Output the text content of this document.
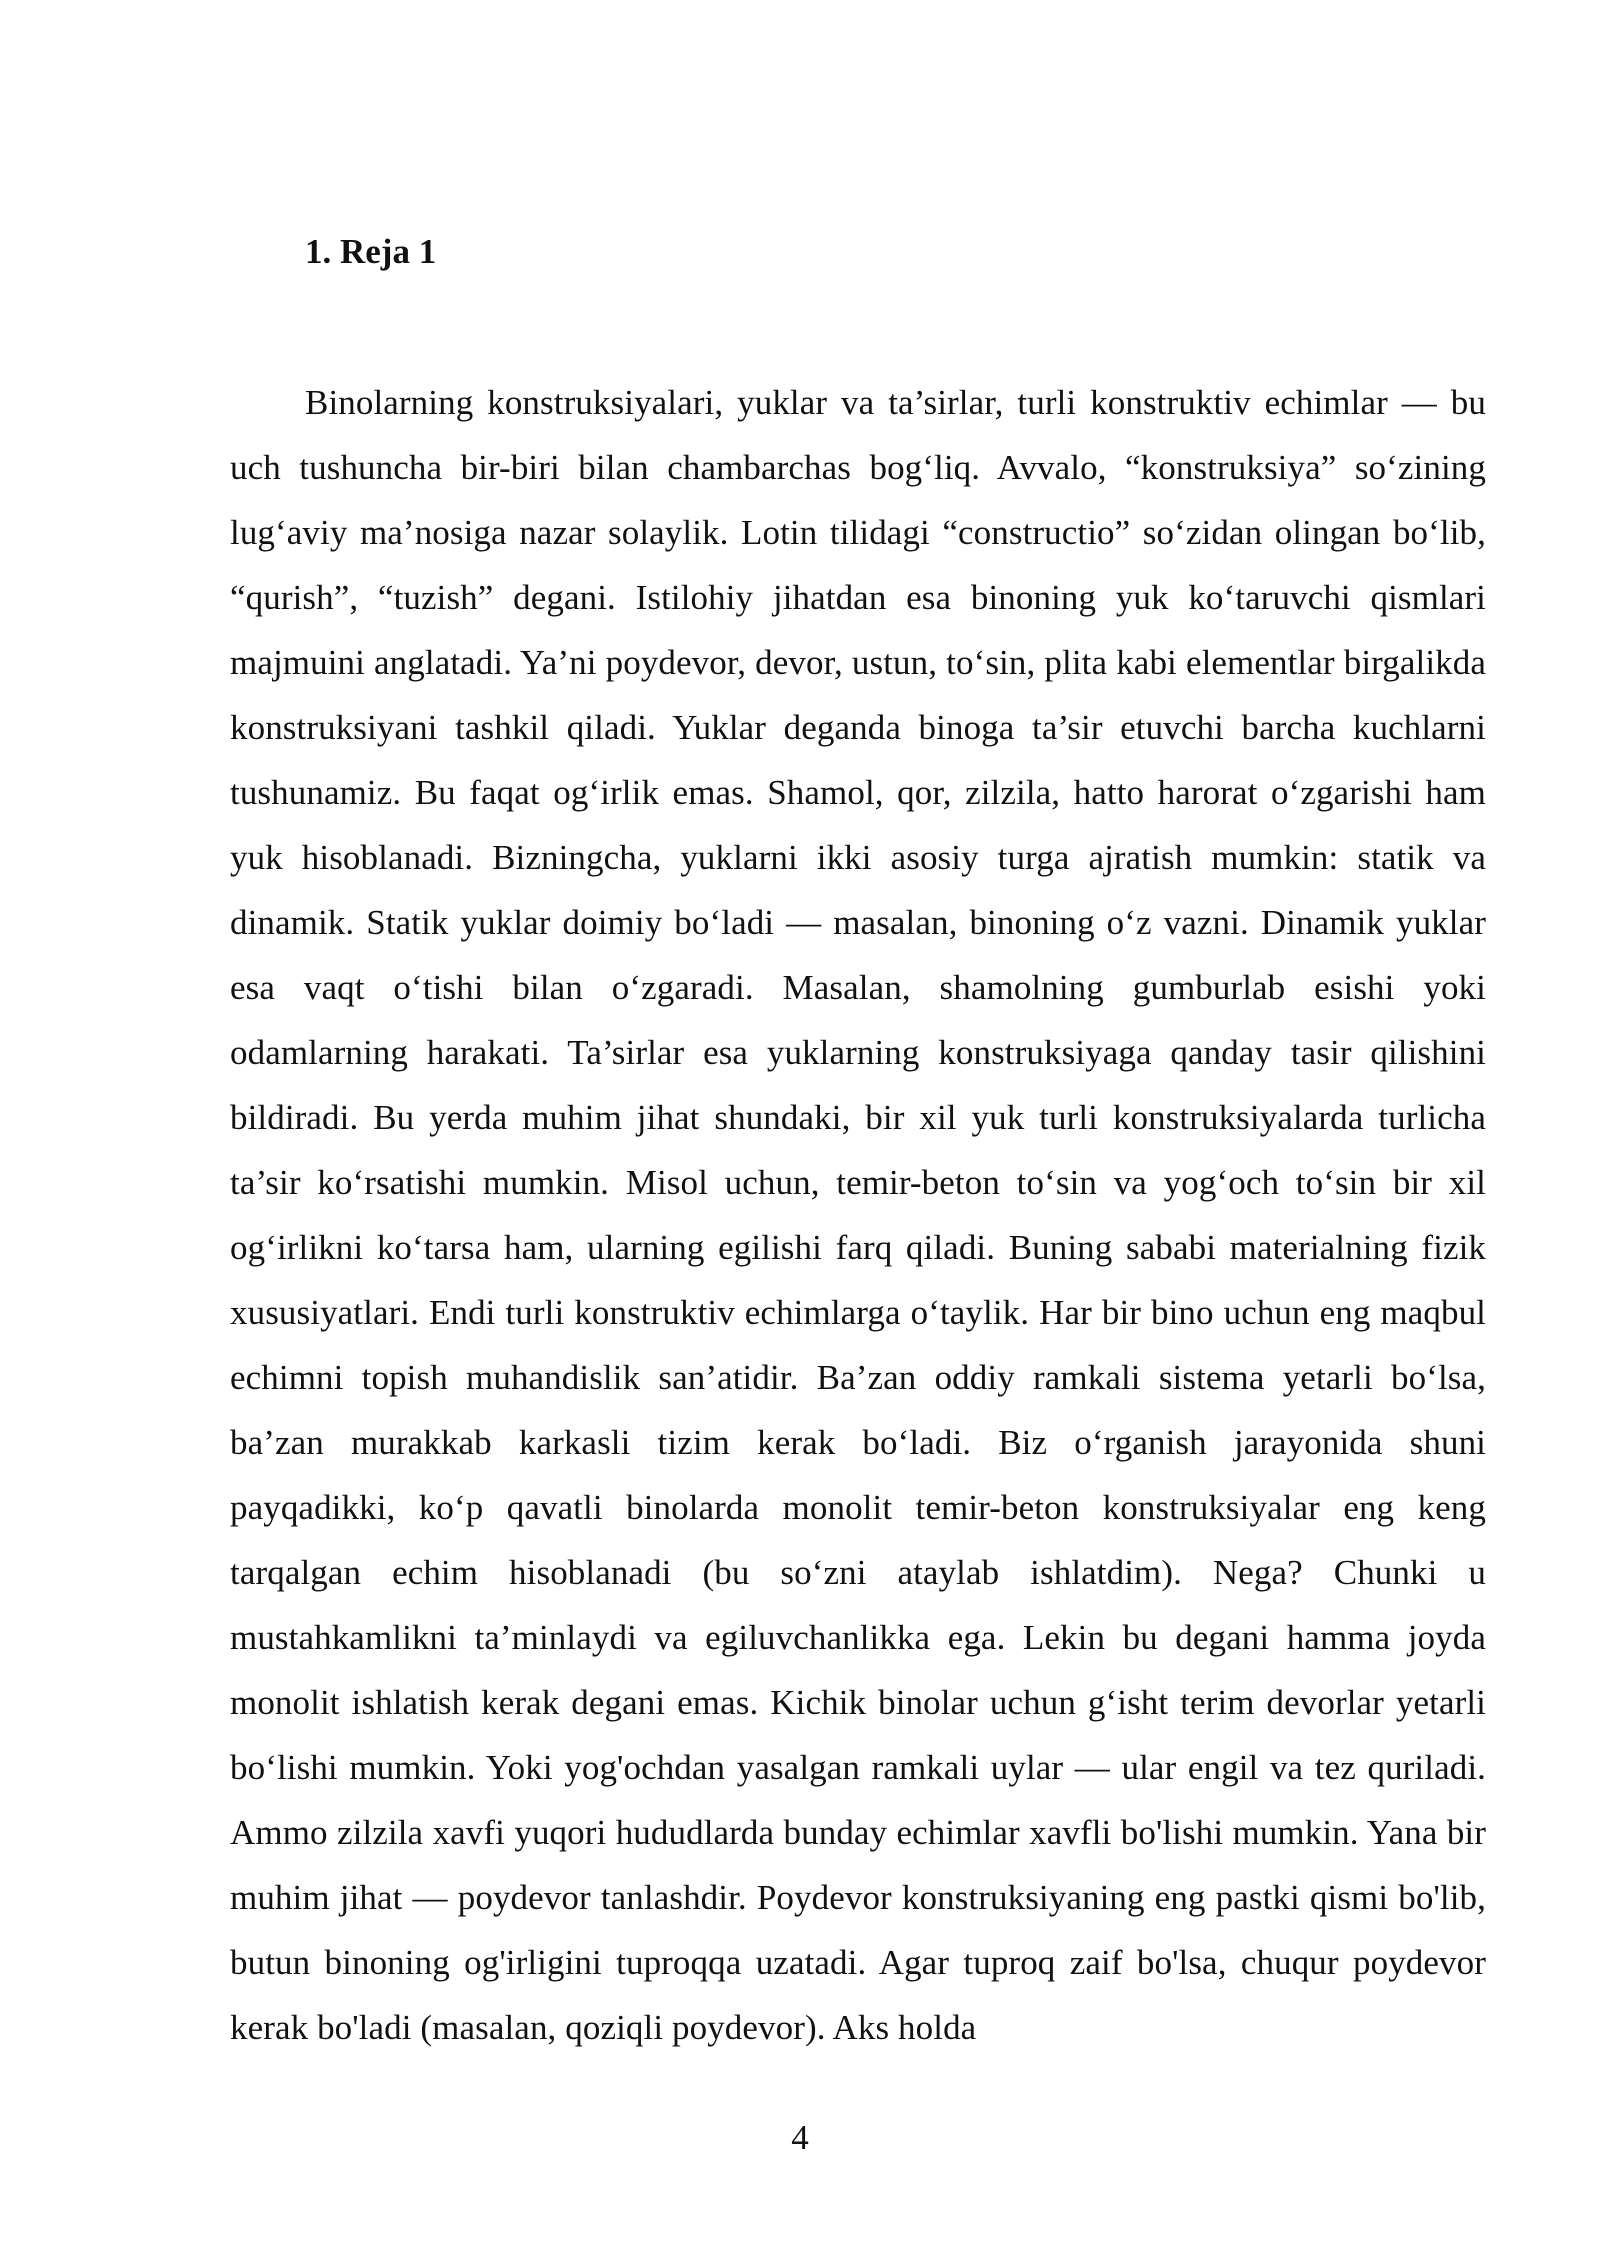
1. Reja 1

Binolarning konstruksiyalari, yuklar va ta’sirlar, turli konstruktiv echimlar — bu uch tushuncha bir-biri bilan chambarchas bog‘liq. Avvalo, “konstruksiya” so‘zining lug‘aviy ma’nosiga nazar solaylik. Lotin tilidagi “constructio” so‘zidan olingan bo‘lib, “qurish”, “tuzish” degani. Istilohiy jihatdan esa binoning yuk ko‘taruvchi qismlari majmuini anglatadi. Ya’ni poydevor, devor, ustun, to‘sin, plita kabi elementlar birgalikda konstruksiyani tashkil qiladi. Yuklar deganda binoga ta’sir etuvchi barcha kuchlarni tushunamiz. Bu faqat og‘irlik emas. Shamol, qor, zilzila, hatto harorat o‘zgarishi ham yuk hisoblanadi. Bizningcha, yuklarni ikki asosiy turga ajratish mumkin: statik va dinamik. Statik yuklar doimiy bo‘ladi — masalan, binoning o‘z vazni. Dinamik yuklar esa vaqt o‘tishi bilan o‘zgaradi. Masalan, shamolning gumburlab esishi yoki odamlarning harakati. Ta’sirlar esa yuklarning konstruksiyaga qanday tasir qilishini bildiradi. Bu yerda muhim jihat shundaki, bir xil yuk turli konstruksiyalarda turlicha ta’sir ko‘rsatishi mumkin. Misol uchun, temir-beton to‘sin va yog‘och to‘sin bir xil og‘irlikni ko‘tarsa ham, ularning egilishi farq qiladi. Buning sababi materialning fizik xususiyatlari. Endi turli konstruktiv echimlarga o‘taylik. Har bir bino uchun eng maqbul echimni topish muhandislik san’atidir. Ba’zan oddiy ramkali sistema yetarli bo‘lsa, ba’zan murakkab karkasli tizim kerak bo‘ladi. Biz o‘rganish jarayonida shuni payqadikki, ko‘p qavatli binolarda monolit temir-beton konstruksiyalar eng keng tarqalgan echim hisoblanadi (bu so‘zni ataylab ishlatdim). Nega? Chunki u mustahkamlikni ta’minlaydi va egiluvchanlikka ega. Lekin bu degani hamma joyda monolit ishlatish kerak degani emas. Kichik binolar uchun g‘isht terim devorlar yetarli bo‘lishi mumkin. Yoki yog'ochdan yasalgan ramkali uylar — ular engil va tez quriladi. Ammo zilzila xavfi yuqori hududlarda bunday echimlar xavfli bo'lishi mumkin. Yana bir muhim jihat — poydevor tanlashdir. Poydevor konstruksiyaning eng pastki qismi bo'lib, butun binoning og'irligini tuproqqa uzatadi. Agar tuproq zaif bo'lsa, chuqur poydevor kerak bo'ladi (masalan, qoziqli poydevor). Aks holda

4
